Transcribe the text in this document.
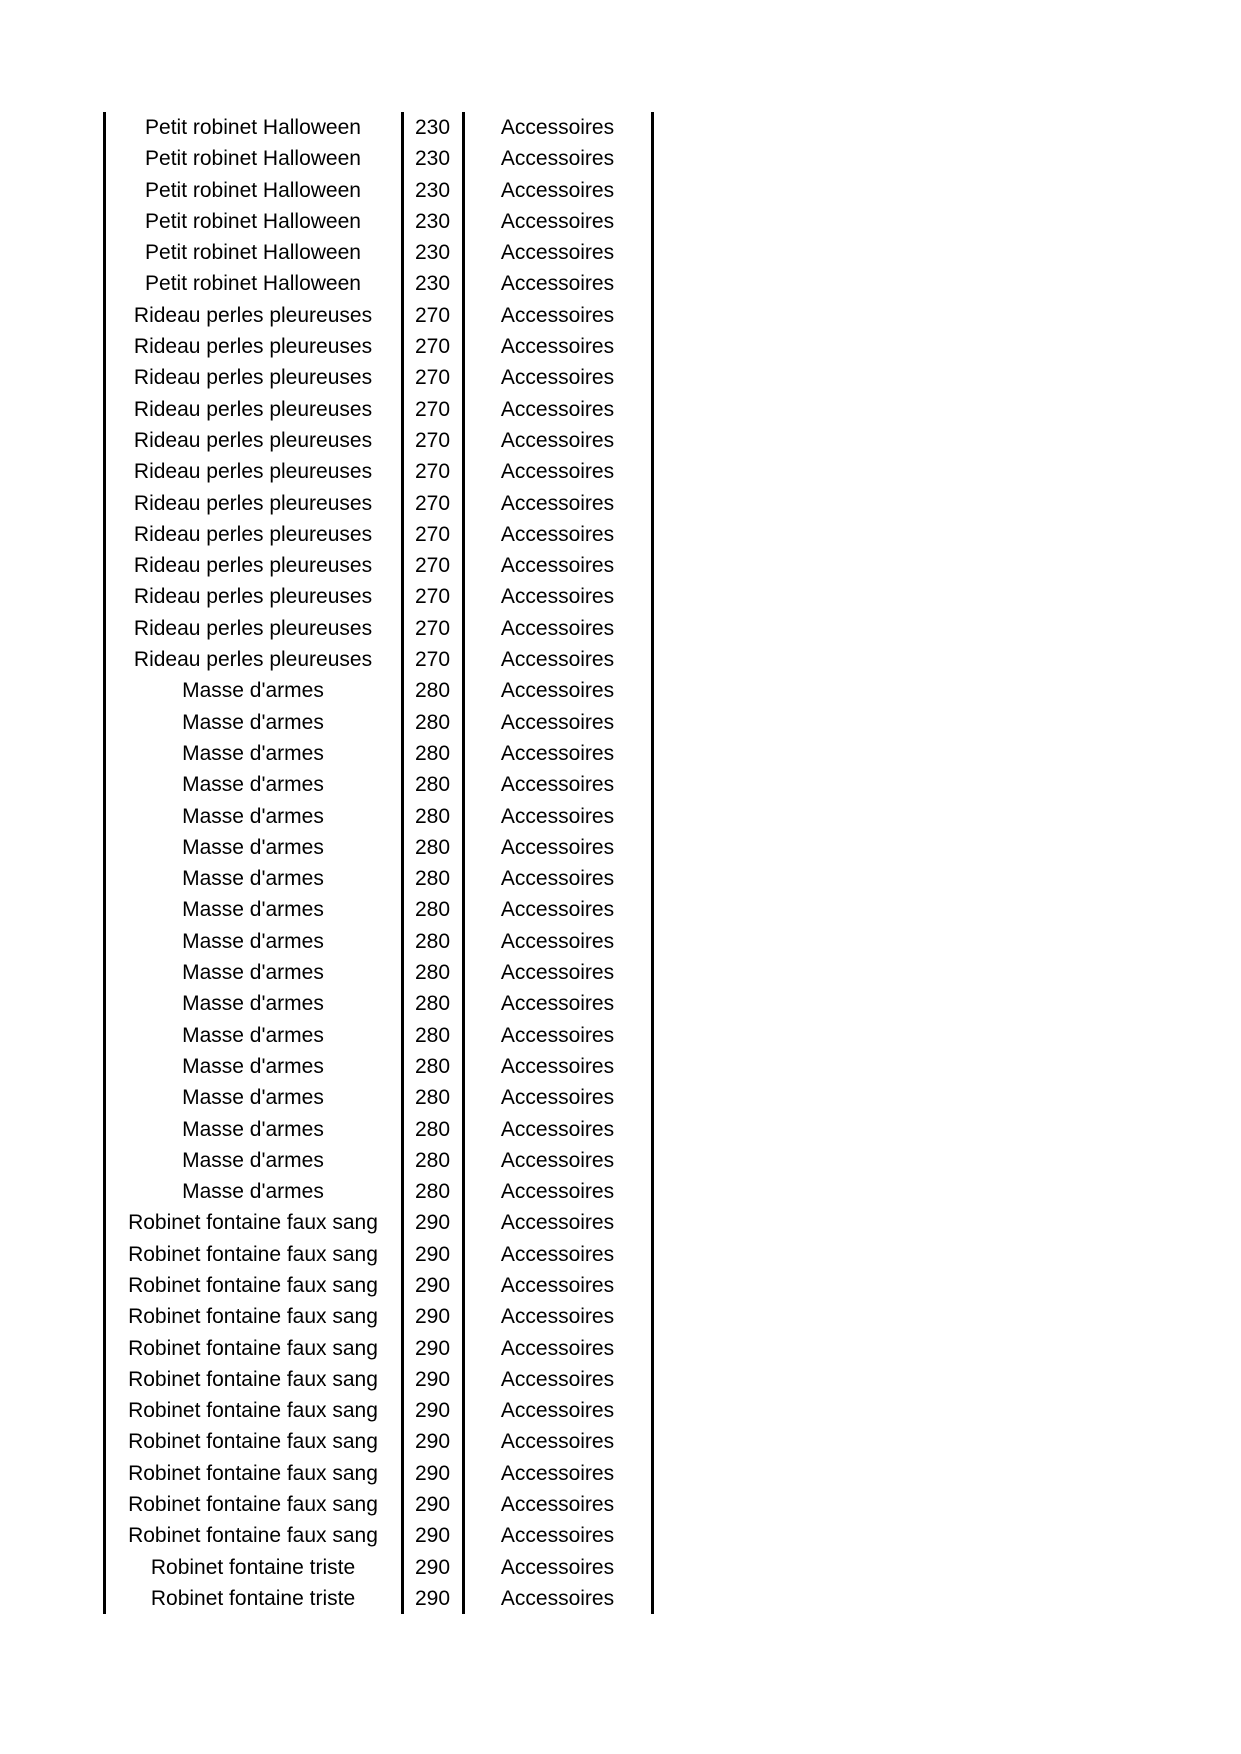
Petit robinet Halloween	230	Accessoires
Petit robinet Halloween	230	Accessoires
Petit robinet Halloween	230	Accessoires
Petit robinet Halloween	230	Accessoires
Petit robinet Halloween	230	Accessoires
Petit robinet Halloween	230	Accessoires
Rideau perles pleureuses	270	Accessoires
Rideau perles pleureuses	270	Accessoires
Rideau perles pleureuses	270	Accessoires
Rideau perles pleureuses	270	Accessoires
Rideau perles pleureuses	270	Accessoires
Rideau perles pleureuses	270	Accessoires
Rideau perles pleureuses	270	Accessoires
Rideau perles pleureuses	270	Accessoires
Rideau perles pleureuses	270	Accessoires
Rideau perles pleureuses	270	Accessoires
Rideau perles pleureuses	270	Accessoires
Rideau perles pleureuses	270	Accessoires
Masse d'armes	280	Accessoires
Masse d'armes	280	Accessoires
Masse d'armes	280	Accessoires
Masse d'armes	280	Accessoires
Masse d'armes	280	Accessoires
Masse d'armes	280	Accessoires
Masse d'armes	280	Accessoires
Masse d'armes	280	Accessoires
Masse d'armes	280	Accessoires
Masse d'armes	280	Accessoires
Masse d'armes	280	Accessoires
Masse d'armes	280	Accessoires
Masse d'armes	280	Accessoires
Masse d'armes	280	Accessoires
Masse d'armes	280	Accessoires
Masse d'armes	280	Accessoires
Masse d'armes	280	Accessoires
Robinet fontaine faux sang	290	Accessoires
Robinet fontaine faux sang	290	Accessoires
Robinet fontaine faux sang	290	Accessoires
Robinet fontaine faux sang	290	Accessoires
Robinet fontaine faux sang	290	Accessoires
Robinet fontaine faux sang	290	Accessoires
Robinet fontaine faux sang	290	Accessoires
Robinet fontaine faux sang	290	Accessoires
Robinet fontaine faux sang	290	Accessoires
Robinet fontaine faux sang	290	Accessoires
Robinet fontaine faux sang	290	Accessoires
Robinet fontaine triste	290	Accessoires
Robinet fontaine triste	290	Accessoires
